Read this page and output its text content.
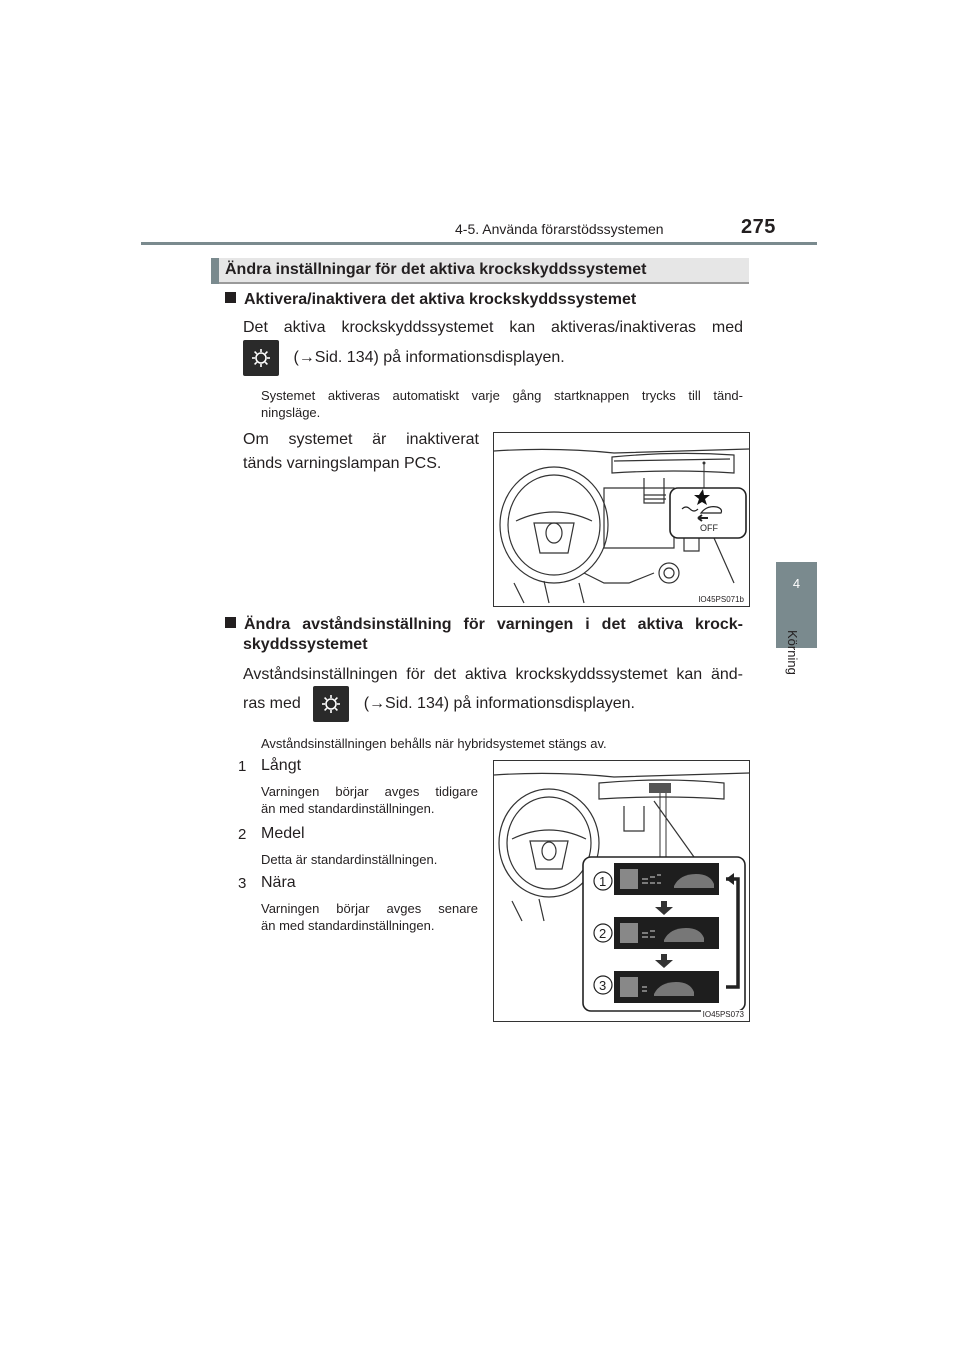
4-5. Använda förarstödssystemen	275
4
Körning
Ändra inställningar för det aktiva krockskyddssystemet
Aktivera/inaktivera det aktiva krockskyddssystemet
Det aktiva krockskyddssystemet kan aktiveras/inaktiveras med
(→Sid. 134) på informationsdisplayen.
Systemet aktiveras automatiskt varje gång startknappen trycks till tänd-
ningsläge.
Om systemet är inaktiverat
tänds varningslampan PCS.
OFF
IO45PS071b
Ändra avståndsinställning för varningen i det aktiva krock-
skyddssystemet
Avståndsinställningen för det aktiva krockskyddssystemet kan änd-
ras med	(→Sid. 134) på informationsdisplayen.
Avståndsinställningen behålls när hybridsystemet stängs av.
1 Långt
Varningen börjar avges tidigare
än med standardinställningen.
2 Medel
Detta är standardinställningen.
3 Nära
Varningen börjar avges senare
än med standardinställningen.
1
2
3
IO45PS073
